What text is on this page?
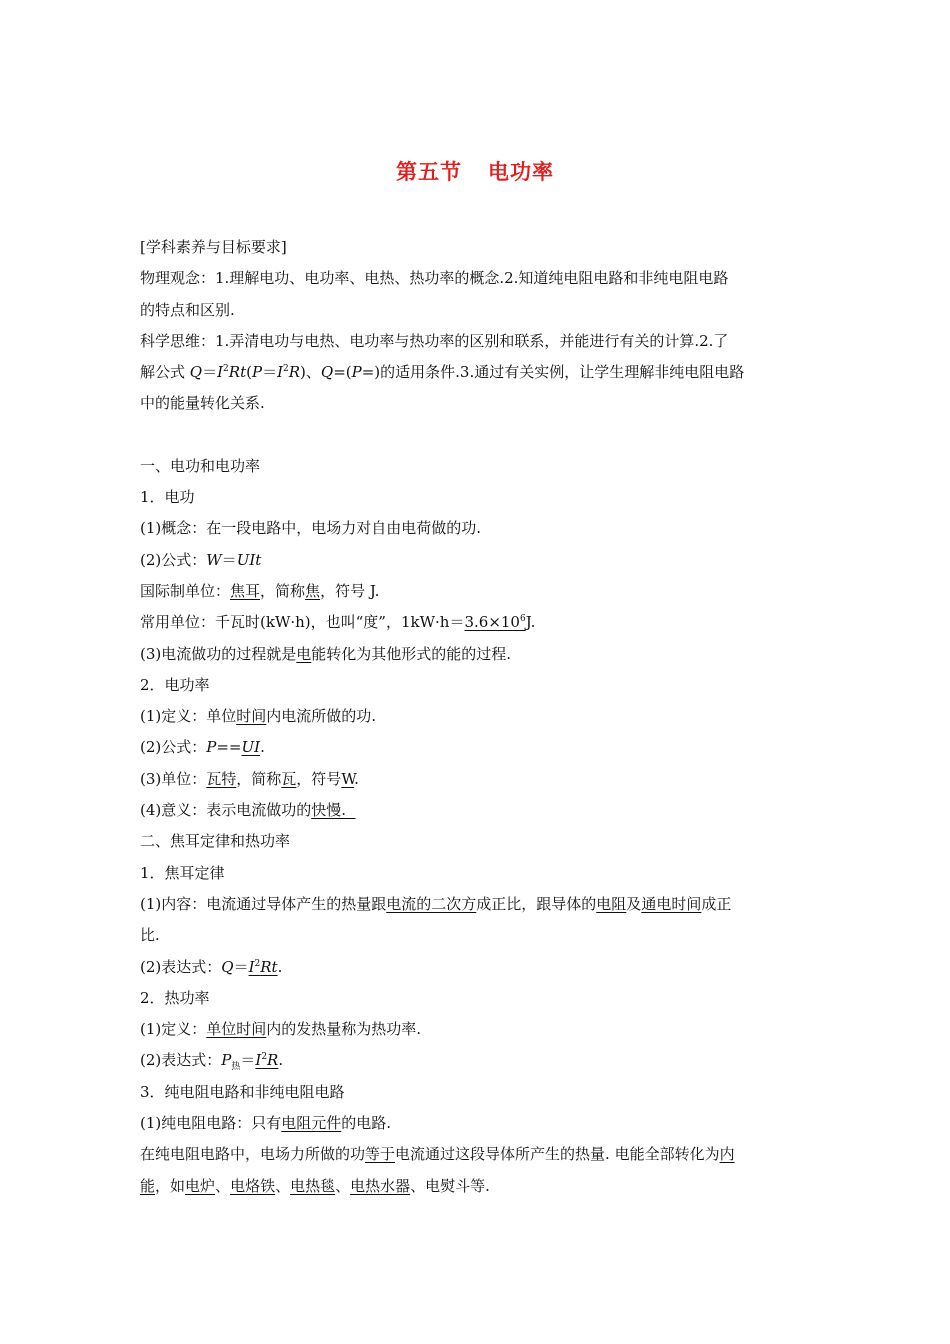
第五节 电功率

[学科素养与目标要求]

物理观念：1.理解电功、电功率、电热、热功率的概念.2.知道纯电阻电路和非纯电阻电路

的特点和区别.

科学思维：1.弄清电功与电热、电功率与热功率的区别和联系，并能进行有关的计算.2.了

解公式 $Q=I^2Rt(P=I^2R)$、Q=(P=)的适用条件.3.通过有关实例，让学生理解非纯电阻电路

中的能量转化关系.

一、电功和电功率

1．电功

(1)概念：在一段电路中，电场力对自由电荷做的功.

(2)公式：W＝UIt

国际制单位：焦耳，简称焦，符号 J.

常用单位：千瓦时(kW·h)，也叫“度”，$1kW\cdot h=3.6\times 10^6J$.

(3)电流做功的过程就是电能转化为其他形式的能的过程.

2．电功率

(1)定义：单位时间内电流所做的功.

(2)公式：P==UI.

(3)单位：瓦特，简称瓦，符号W.

(4)意义：表示电流做功的快慢.

二、焦耳定律和热功率

1．焦耳定律

(1)内容：电流通过导体产生的热量跟电流的二次方成正比，跟导体的电阻及通电时间成正

比.

(2)表达式：$Q=I^2Rt$.

2．热功率

(1)定义：单位时间内的发热量称为热功率.

(2)表达式：$P_热=I^2R$.

3．纯电阻电路和非纯电阻电路

(1)纯电阻电路：只有电阻元件的电路.

在纯电阻电路中，电场力所做的功等于电流通过这段导体所产生的热量. 电能全部转化为内

能，如电炉、电烙铁、电热毯、电热水器、电熨斗等.
